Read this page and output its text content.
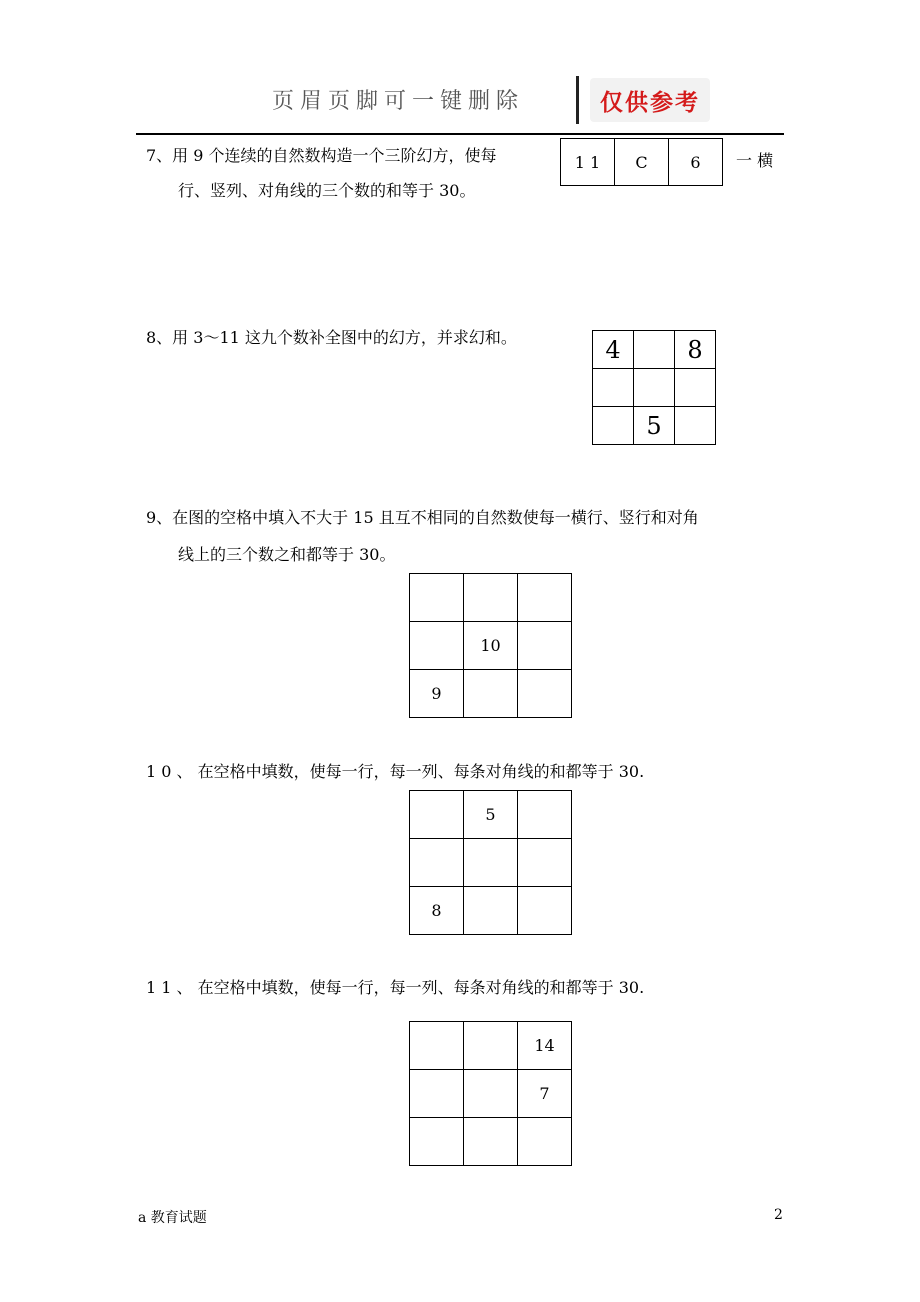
页眉页脚可一键删除	仅供参考
7、用 9 个连续的自然数构造一个三阶幻方，使每
行、竖列、对角线的三个数的和等于 30。
1 1	C	6 一 横
8、用 3～11 这九个数补全图中的幻方，并求幻和。	4		8

	5	
9、在图的空格中填入不大于 15 且互不相同的自然数使每一横行、竖行和对角
线上的三个数之和都等于 30。

	10	
9		
1 0 、 在空格中填数，使每一行，每一列、每条对角线的和都等于 30.
	5	

8		
1 1 、 在空格中填数，使每一行，每一列、每条对角线的和都等于 30.
		14
		7

a 教育试题	2
